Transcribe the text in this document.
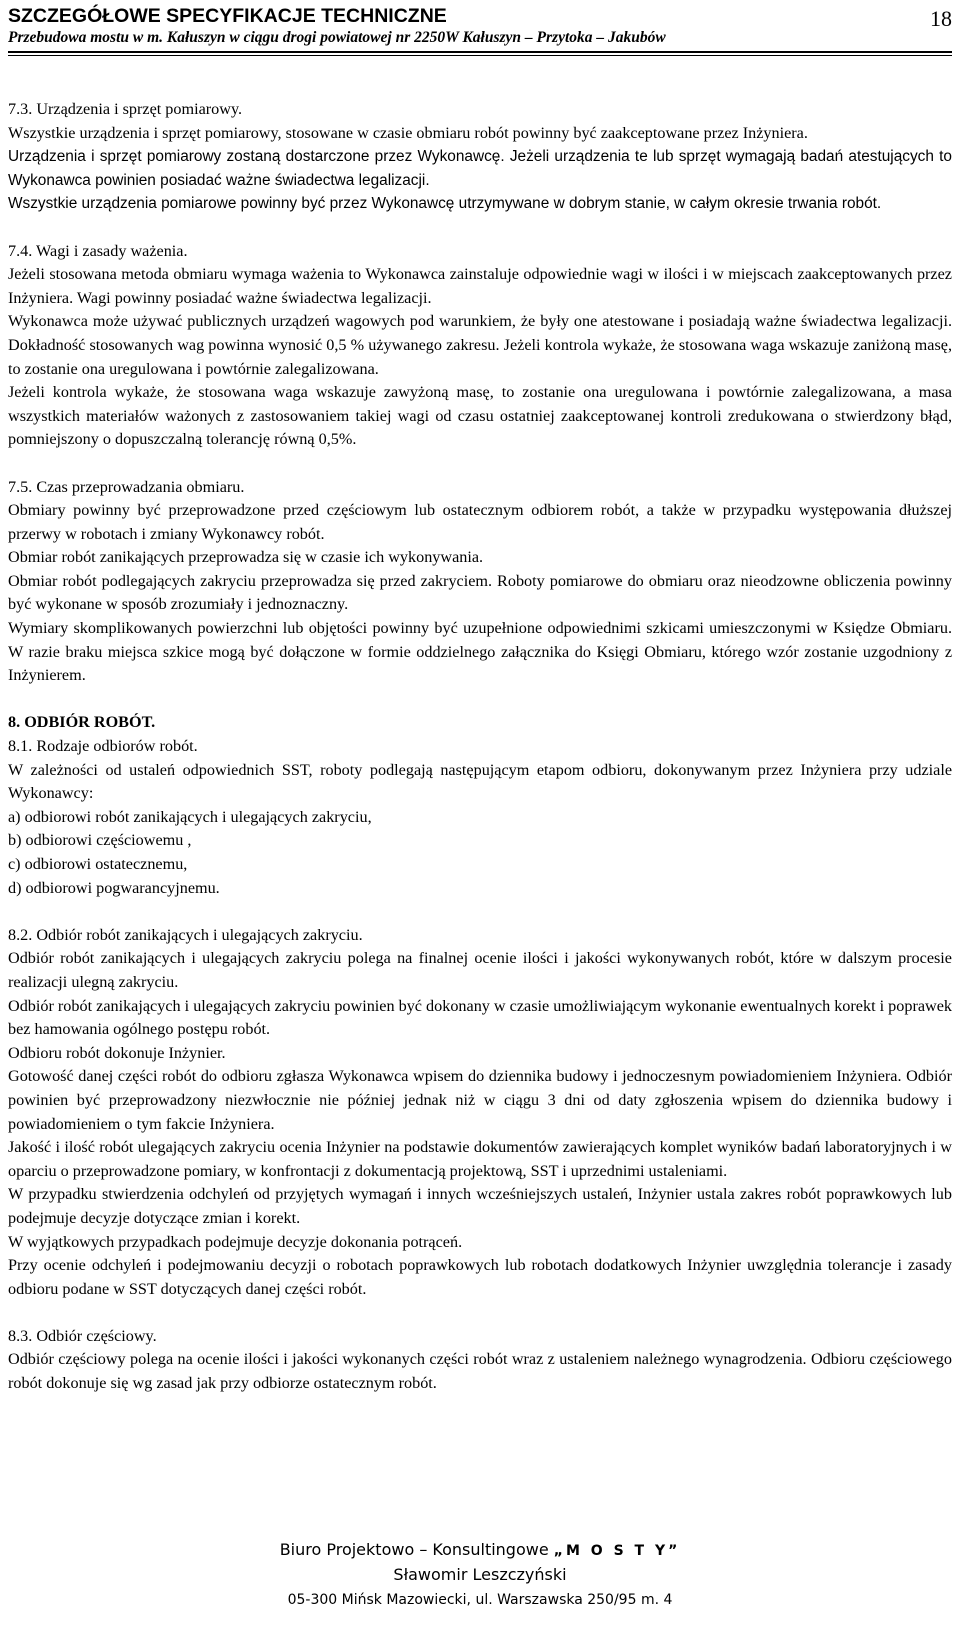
SZCZEGÓŁOWE SPECYFIKACJE TECHNICZNE
Przebudowa mostu w m. Kałuszyn w ciągu drogi powiatowej nr 2250W Kałuszyn – Przytoka – Jakubów
18

7.3. Urządzenia i sprzęt pomiarowy.

Wszystkie urządzenia i sprzęt pomiarowy, stosowane w czasie obmiaru robót powinny być zaakceptowane przez Inżyniera.

Urządzenia i sprzęt pomiarowy zostaną dostarczone przez Wykonawcę. Jeżeli urządzenia te lub sprzęt wymagają badań atestujących to Wykonawca powinien posiadać ważne świadectwa legalizacji.

Wszystkie urządzenia pomiarowe powinny być przez Wykonawcę utrzymywane w dobrym stanie, w całym okresie trwania robót.

7.4. Wagi i zasady ważenia.

Jeżeli stosowana metoda obmiaru wymaga ważenia to Wykonawca zainstaluje odpowiednie wagi w ilości i w miejscach zaakceptowanych przez Inżyniera. Wagi powinny posiadać ważne świadectwa legalizacji.

Wykonawca może używać publicznych urządzeń wagowych pod warunkiem, że były one atestowane i posiadają ważne świadectwa legalizacji. Dokładność stosowanych wag powinna wynosić 0,5 % używanego zakresu. Jeżeli kontrola wykaże, że stosowana waga wskazuje zaniżoną masę, to zostanie ona uregulowana i powtórnie zalegalizowana.

Jeżeli kontrola wykaże, że stosowana waga wskazuje zawyżoną masę, to zostanie ona uregulowana i powtórnie zalegalizowana, a masa wszystkich materiałów ważonych z zastosowaniem takiej wagi od czasu ostatniej zaakceptowanej kontroli zredukowana o stwierdzony błąd, pomniejszony o dopuszczalną tolerancję równą 0,5%.

7.5. Czas przeprowadzania obmiaru.

Obmiary powinny być przeprowadzone przed częściowym lub ostatecznym odbiorem robót, a także w przypadku występowania dłuższej przerwy w robotach i zmiany Wykonawcy robót.

Obmiar robót zanikających przeprowadza się w czasie ich wykonywania.

Obmiar robót podlegających zakryciu przeprowadza się przed zakryciem. Roboty pomiarowe do obmiaru oraz nieodzowne obliczenia powinny być wykonane w sposób zrozumiały i jednoznaczny.

Wymiary skomplikowanych powierzchni lub objętości powinny być uzupełnione odpowiednimi szkicami umieszczonymi w Księdze Obmiaru. W razie braku miejsca szkice mogą być dołączone w formie oddzielnego załącznika do Księgi Obmiaru, którego wzór zostanie uzgodniony z Inżynierem.

8. ODBIÓR ROBÓT.

8.1. Rodzaje odbiorów robót.

W zależności od ustaleń odpowiednich SST, roboty podlegają następującym etapom odbioru, dokonywanym przez Inżyniera przy udziale Wykonawcy:

a) odbiorowi robót zanikających i ulegających zakryciu,

b) odbiorowi częściowemu ,

c) odbiorowi ostatecznemu,

d) odbiorowi pogwarancyjnemu.

8.2. Odbiór robót zanikających i ulegających zakryciu.

Odbiór robót zanikających i ulegających zakryciu polega na finalnej ocenie ilości i jakości wykonywanych robót, które w dalszym procesie realizacji ulegną zakryciu.

Odbiór robót zanikających i ulegających zakryciu powinien być dokonany w czasie umożliwiającym wykonanie ewentualnych korekt i poprawek bez hamowania ogólnego postępu robót.

Odbioru robót dokonuje Inżynier.

Gotowość danej części robót do odbioru zgłasza Wykonawca wpisem do dziennika budowy i jednoczesnym powiadomieniem Inżyniera. Odbiór powinien być przeprowadzony niezwłocznie nie później jednak niż w ciągu 3 dni od daty zgłoszenia wpisem do dziennika budowy i powiadomieniem o tym fakcie Inżyniera.

Jakość i ilość robót ulegających zakryciu ocenia Inżynier na podstawie dokumentów zawierających komplet wyników badań laboratoryjnych i w oparciu o przeprowadzone pomiary, w konfrontacji z dokumentacją projektową, SST i uprzednimi ustaleniami.

W przypadku stwierdzenia odchyleń od przyjętych wymagań i innych wcześniejszych ustaleń, Inżynier ustala zakres robót poprawkowych lub podejmuje decyzje dotyczące zmian i korekt.

W wyjątkowych przypadkach podejmuje decyzje dokonania potrąceń.

Przy ocenie odchyleń i podejmowaniu decyzji o robotach poprawkowych lub robotach dodatkowych Inżynier uwzględnia tolerancje i zasady odbioru podane w SST dotyczących danej części robót.

8.3. Odbiór częściowy.

Odbiór częściowy polega na ocenie ilości i jakości wykonanych części robót wraz z ustaleniem należnego wynagrodzenia. Odbioru częściowego robót dokonuje się wg zasad jak przy odbiorze ostatecznym robót.

Biuro Projektowo – Konsultingowe „M O S T Y”
Sławomir Leszczyński
05-300 Mińsk Mazowiecki, ul. Warszawska 250/95 m. 4
